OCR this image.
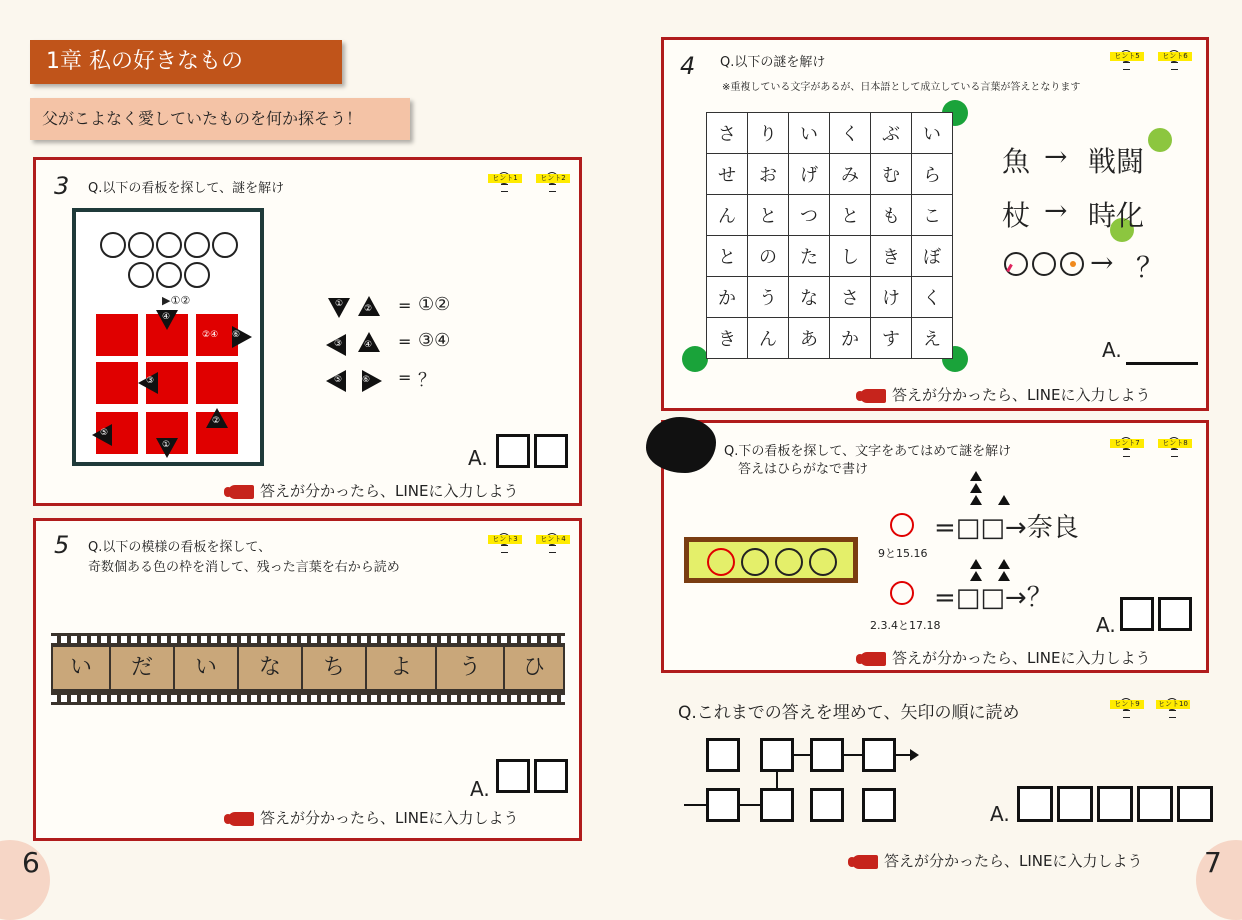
1章 私の好きなもの
父がこよなく愛していたものを何か探そう！
3 Q.以下の看板を探して、謎を解け
ヒント1	ヒント2
▶①②
④
②④ ⑥
③
⑤
②
①
① ② = ①②
③ ④ = ③④
⑤ ⑥ = ？
A.
答えが分かったら、LINEに入力しよう
5 Q.以下の模様の看板を探して、
奇数個ある色の枠を消して、残った言葉を右から読め
ヒント3	ヒント4
い	だ	い	な	ち	よ	う	ひ
A.
答えが分かったら、LINEに入力しよう
4 Q.以下の謎を解け
※重複している文字があるが、日本語として成立している言葉が答えとなります
ヒント5	ヒント6
さ	り	い	く	ぶ	い
せ	お	げ	み	む	ら
ん	と	つ	と	も	こ
と	の	た	し	き	ぼ
か	う	な	さ	け	く
き	ん	あ	か	す	え
魚 → 戦闘
杖 → 時化
→ ？
A.
答えが分かったら、LINEに入力しよう
Q.下の看板を探して、文字をあてはめて謎を解け
答えはひらがなで書け
ヒント7	ヒント8
9と15.16
=□□→奈良
2.3.4と17.18
=□□→？
A.
答えが分かったら、LINEに入力しよう
Q.これまでの答えを埋めて、矢印の順に読め	ヒント9	ヒント10
A.
答えが分かったら、LINEに入力しよう
6	7
